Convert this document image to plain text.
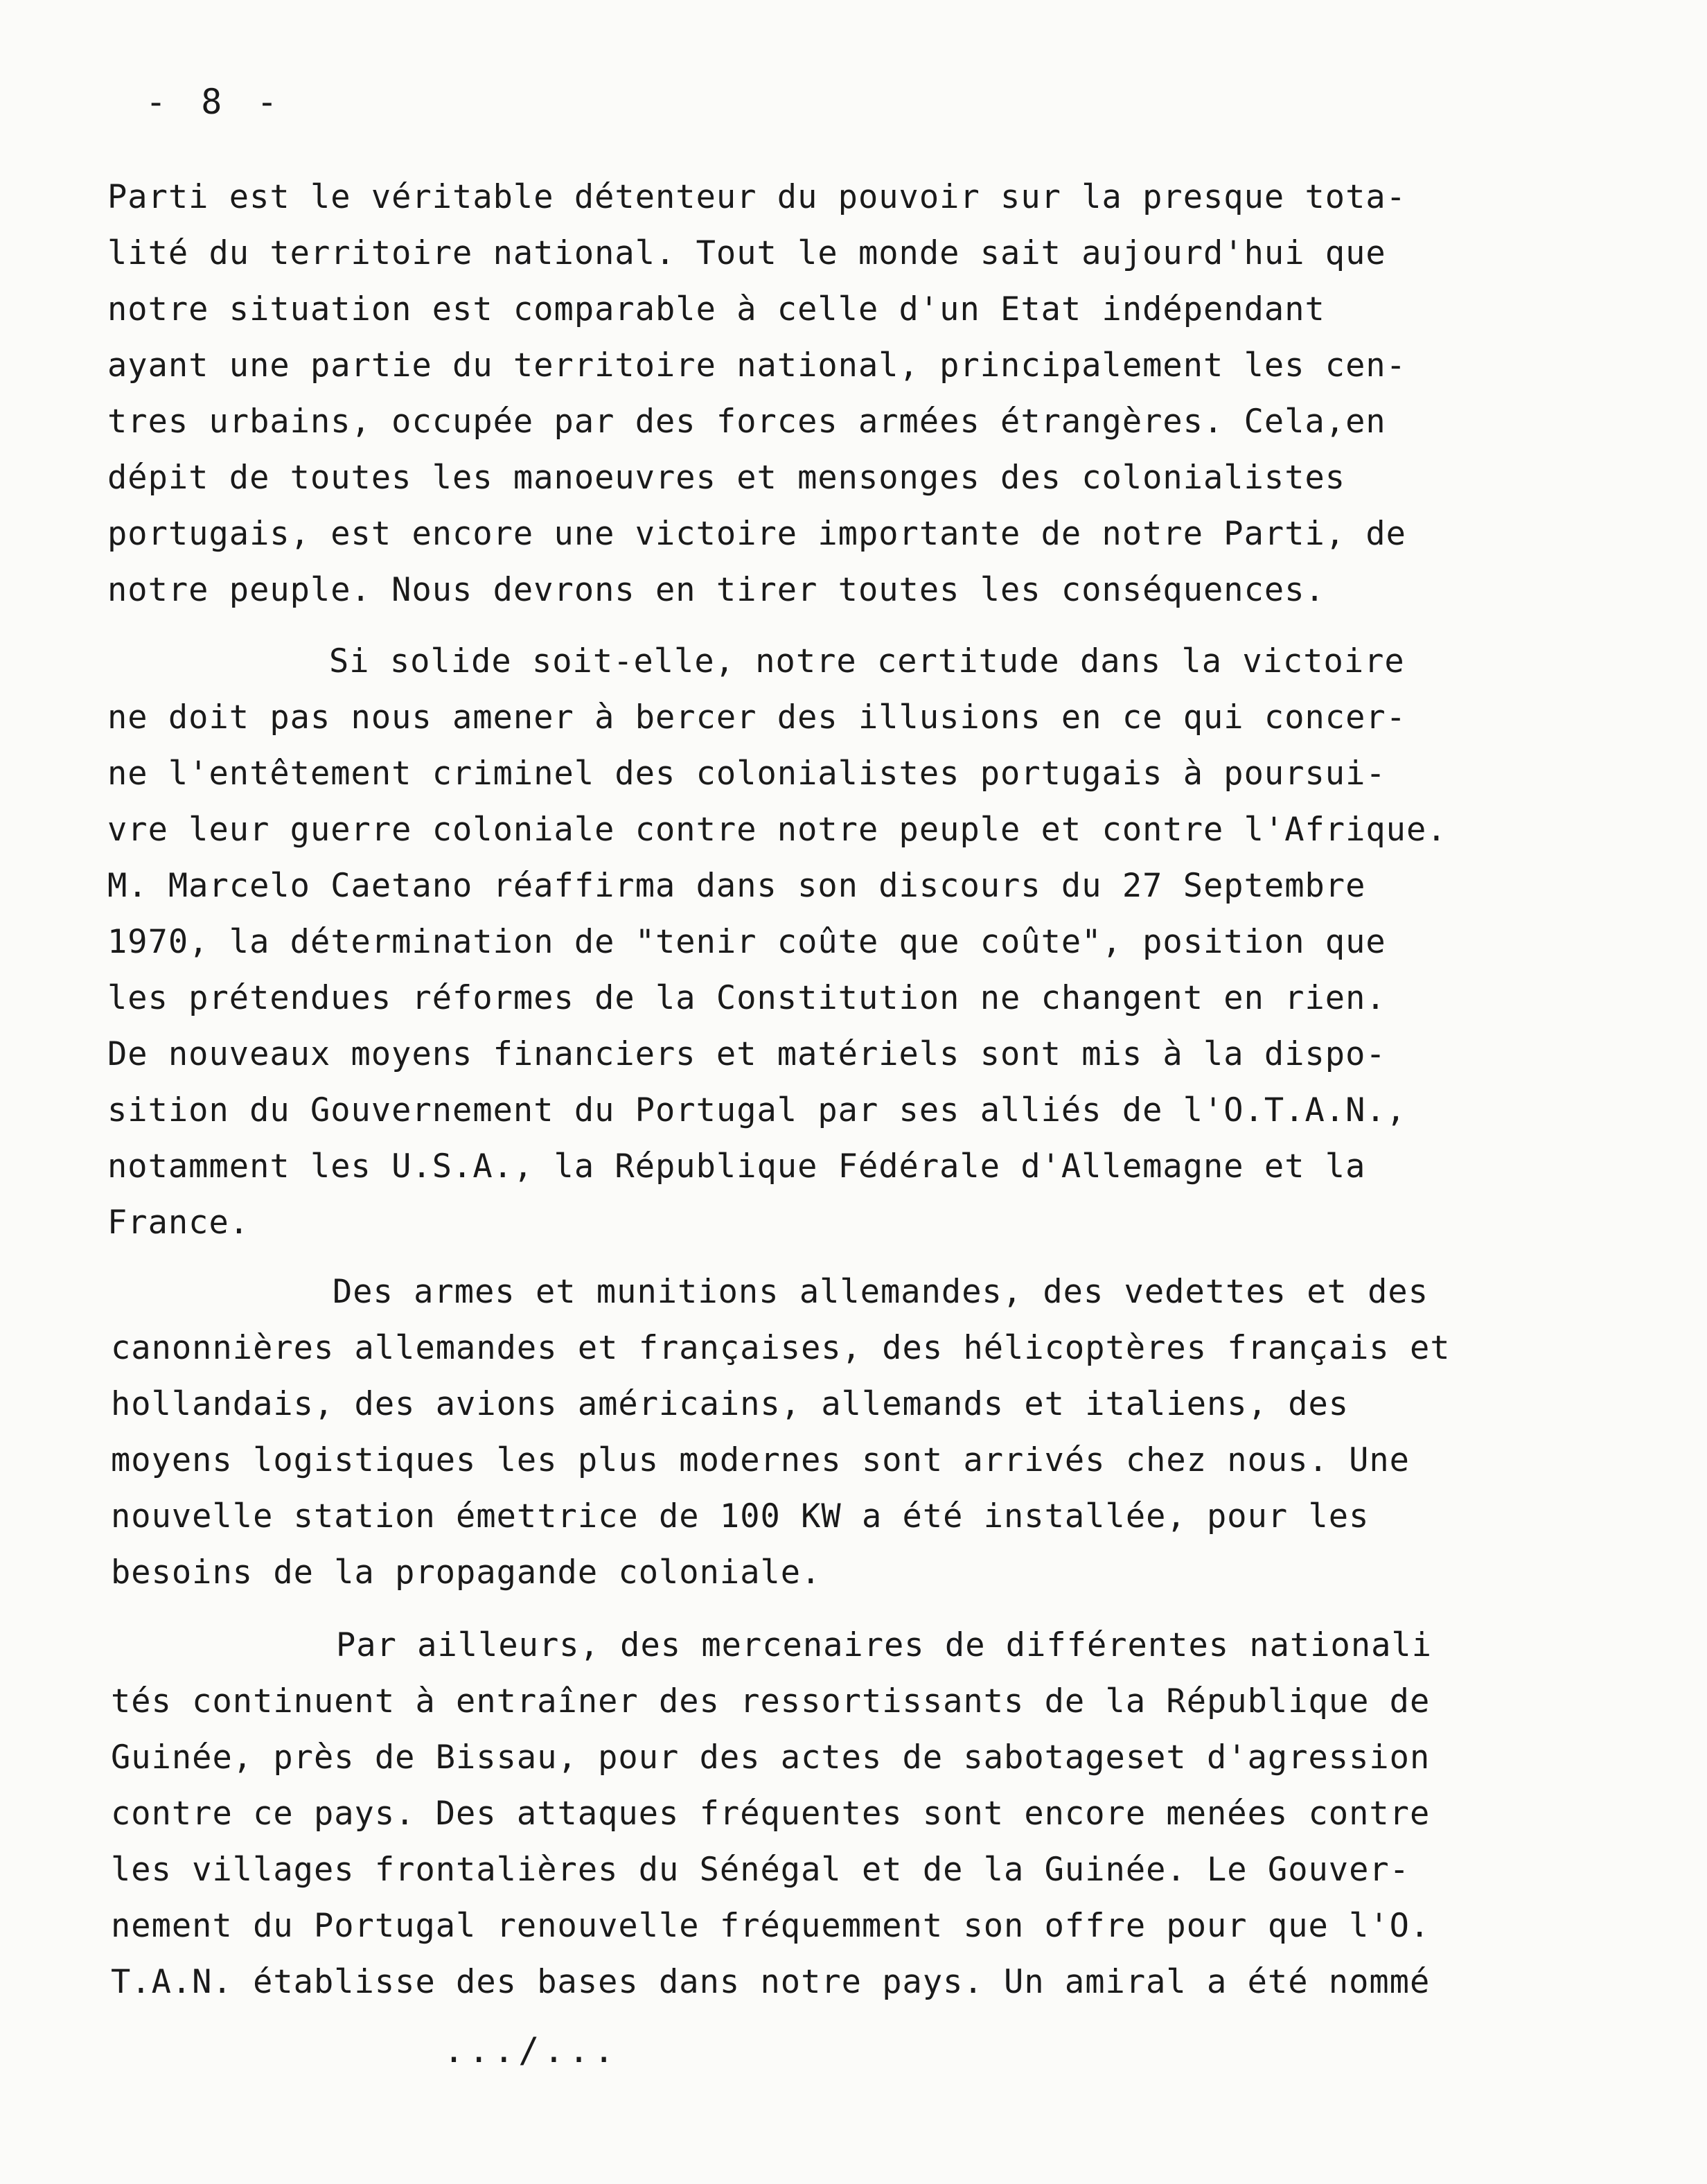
- 8 -
Parti est le véritable détenteur du pouvoir sur la presque tota-
lité du territoire national. Tout le monde sait aujourd'hui que
notre situation est comparable à celle d'un Etat indépendant
ayant une partie du territoire national, principalement les cen-
tres urbains, occupée par des forces armées étrangères. Cela,en
dépit de toutes les manoeuvres et mensonges des colonialistes
portugais, est encore une victoire importante de notre Parti, de
notre peuple. Nous devrons en tirer toutes les conséquences.
Si solide soit-elle, notre certitude dans la victoire
ne doit pas nous amener à bercer des illusions en ce qui concer-
ne l'entêtement criminel des colonialistes portugais à poursui-
vre leur guerre coloniale contre notre peuple et contre l'Afrique.
M. Marcelo Caetano réaffirma dans son discours du 27 Septembre
1970, la détermination de "tenir coûte que coûte", position que
les prétendues réformes de la Constitution ne changent en rien.
De nouveaux moyens financiers et matériels sont mis à la dispo-
sition du Gouvernement du Portugal par ses alliés de l'O.T.A.N.,
notamment les U.S.A., la République Fédérale d'Allemagne et la
France.
Des armes et munitions allemandes, des vedettes et des
canonnières allemandes et françaises, des hélicoptères français et
hollandais, des avions américains, allemands et italiens, des
moyens logistiques les plus modernes sont arrivés chez nous. Une
nouvelle station émettrice de 100 KW a été installée, pour les
besoins de la propagande coloniale.
Par ailleurs, des mercenaires de différentes nationali
tés continuent à entraîner des ressortissants de la République de
Guinée, près de Bissau, pour des actes de sabotageset d'agression
contre ce pays. Des attaques fréquentes sont encore menées contre
les villages frontalières du Sénégal et de la Guinée. Le Gouver-
nement du Portugal renouvelle fréquemment son offre pour que l'O.
T.A.N. établisse des bases dans notre pays. Un amiral a été nommé
.../...
